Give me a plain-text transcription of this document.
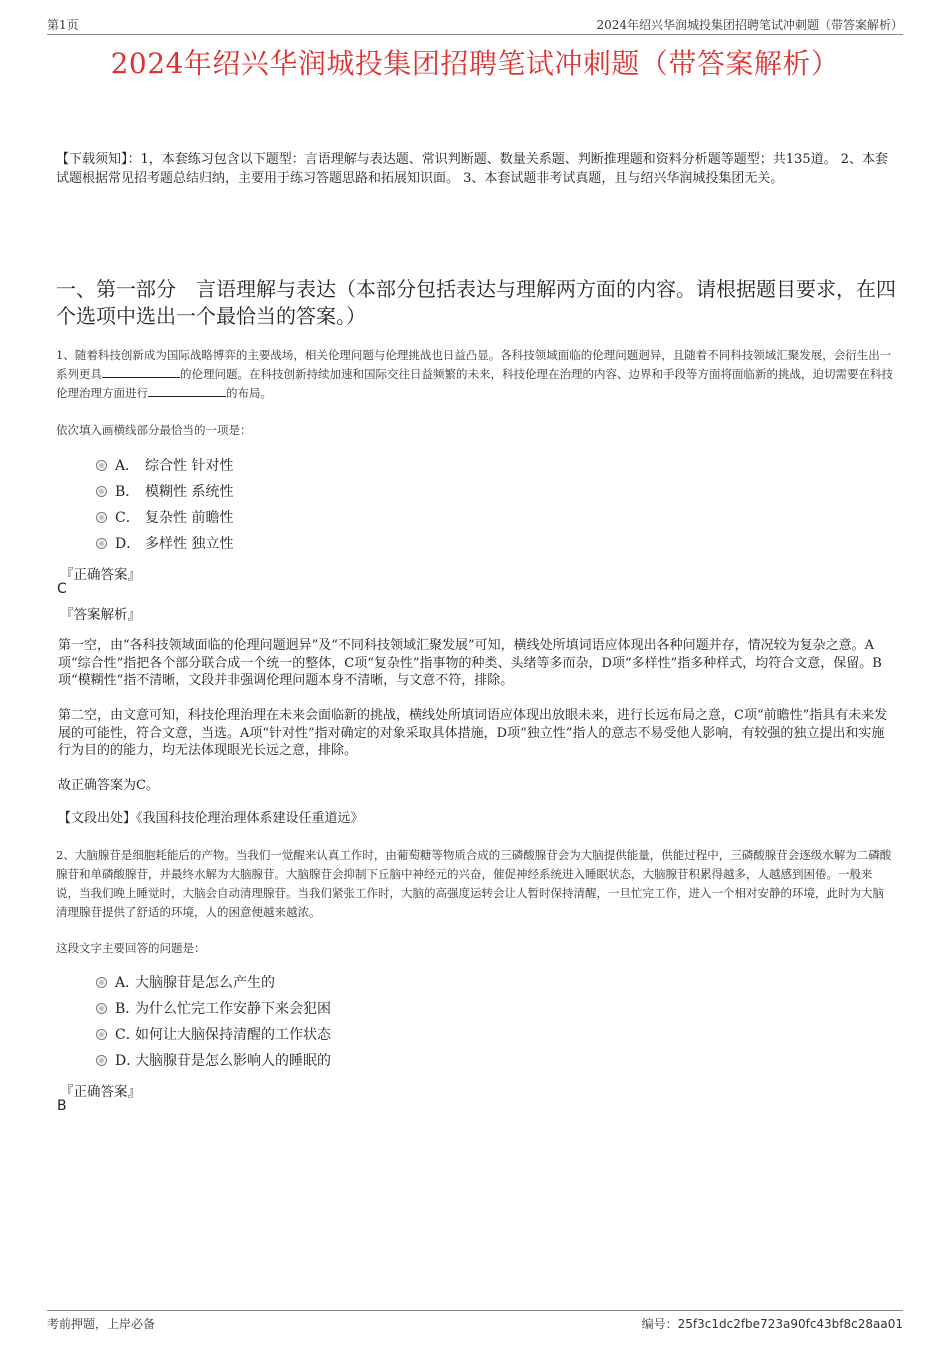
第1页	2024年绍兴华润城投集团招聘笔试冲刺题（带答案解析）
2024年绍兴华润城投集团招聘笔试冲刺题（带答案解析）
【下载须知】：1，本套练习包含以下题型：言语理解与表达题、常识判断题、数量关系题、判断推理题和资料分析题等题型；共135道。 2、本套试题根据常见招考题总结归纳，主要用于练习答题思路和拓展知识面。 3、本套试题非考试真题，且与绍兴华润城投集团无关。
一、第一部分　言语理解与表达（本部分包括表达与理解两方面的内容。请根据题目要求，在四个选项中选出一个最恰当的答案。）
1、随着科技创新成为国际战略博弈的主要战场，相关伦理问题与伦理挑战也日益凸显。各科技领域面临的伦理问题迥异，且随着不同科技领域汇聚发展，会衍生出一系列更具	的伦理问题。在科技创新持续加速和国际交往日益频繁的未来，科技伦理在治理的内容、边界和手段等方面将面临新的挑战，迫切需要在科技伦理治理方面进行	的布局。
依次填入画横线部分最恰当的一项是：
A． 综合性 针对性
B． 模糊性 系统性
C． 复杂性 前瞻性
D． 多样性 独立性
『正确答案』
C
『答案解析』
第一空，由“各科技领域面临的伦理问题迥异”及“不同科技领域汇聚发展”可知，横线处所填词语应体现出各种问题并存，情况较为复杂之意。A项“综合性”指把各个部分联合成一个统一的整体，C项“复杂性”指事物的种类、头绪等多而杂，D项“多样性”指多种样式，均符合文意，保留。B项“模糊性”指不清晰，文段并非强调伦理问题本身不清晰，与文意不符，排除。
第二空，由文意可知，科技伦理治理在未来会面临新的挑战，横线处所填词语应体现出放眼未来，进行长远布局之意，C项“前瞻性”指具有未来发展的可能性，符合文意，当选。A项“针对性”指对确定的对象采取具体措施，D项“独立性”指人的意志不易受他人影响，有较强的独立提出和实施行为目的的能力，均无法体现眼光长远之意，排除。
故正确答案为C。
【文段出处】《我国科技伦理治理体系建设任重道远》
2、大脑腺苷是细胞耗能后的产物。当我们一觉醒来认真工作时，由葡萄糖等物质合成的三磷酸腺苷会为大脑提供能量，供能过程中，三磷酸腺苷会逐级水解为二磷酸腺苷和单磷酸腺苷，并最终水解为大脑腺苷。大脑腺苷会抑制下丘脑中神经元的兴奋，催促神经系统进入睡眠状态，大脑腺苷积累得越多，人越感到困倦。一般来说，当我们晚上睡觉时，大脑会自动清理腺苷。当我们紧张工作时，大脑的高强度运转会让人暂时保持清醒，一旦忙完工作，进入一个相对安静的环境，此时为大脑清理腺苷提供了舒适的环境，人的困意便越来越浓。
这段文字主要回答的问题是：
A．大脑腺苷是怎么产生的
B．为什么忙完工作安静下来会犯困
C．如何让大脑保持清醒的工作状态
D．大脑腺苷是怎么影响人的睡眠的
『正确答案』
B
考前押题，上岸必备	编号：25f3c1dc2fbe723a90fc43bf8c28aa01
